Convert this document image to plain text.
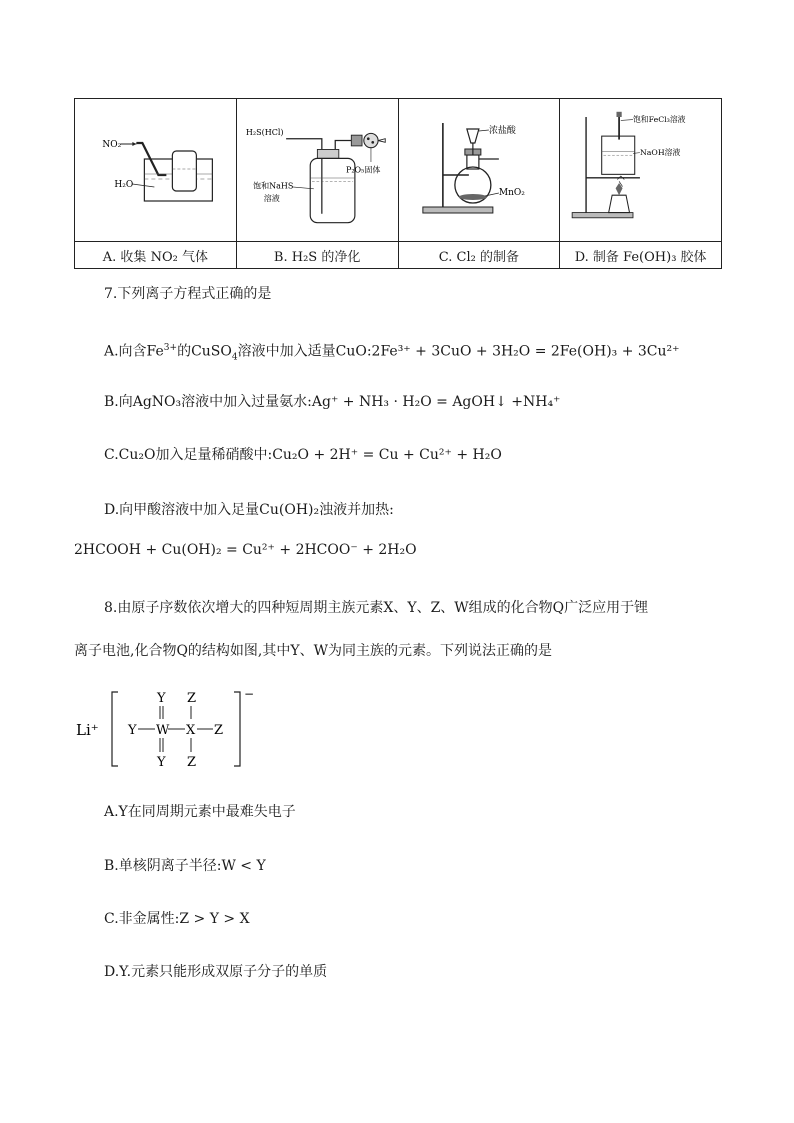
NO₂
H₂O	H₂S(HCl)
P₂O₅固体
饱和NaHS
溶液	浓盐酸
MnO₂	饱和FeCl₃溶液
NaOH溶液

A. 收集 NO₂ 气体	B. H₂S 的净化	C. Cl₂ 的制备	D. 制备 Fe(OH)₃ 胶体
7.下列离子方程式正确的是
A.向含$Fe^{3+}$的CuSO$_4$溶液中加入适量CuO:2Fe³⁺ + 3CuO + 3H₂O = 2Fe(OH)₃ + 3Cu²⁺
B.向AgNO₃溶液中加入过量氨水:Ag⁺ + NH₃ · H₂O = AgOH↓ +NH₄⁺
C.Cu₂O加入足量稀硝酸中:Cu₂O + 2H⁺ = Cu + Cu²⁺ + H₂O
D.向甲酸溶液中加入足量Cu(OH)₂浊液并加热:
2HCOOH + Cu(OH)₂ = Cu²⁺ + 2HCOO⁻ + 2H₂O
8.由原子序数依次增大的四种短周期主族元素X、Y、Z、W组成的化合物Q广泛应用于锂
离子电池,化合物Q的结构如图,其中Y、W为同主族的元素。下列说法正确的是
Li⁺
−
Y Z
Y W X Z
Y Z
A.Y在同周期元素中最难失电子
B.单核阴离子半径:W < Y
C.非金属性:Z > Y > X
D.Y.元素只能形成双原子分子的单质
